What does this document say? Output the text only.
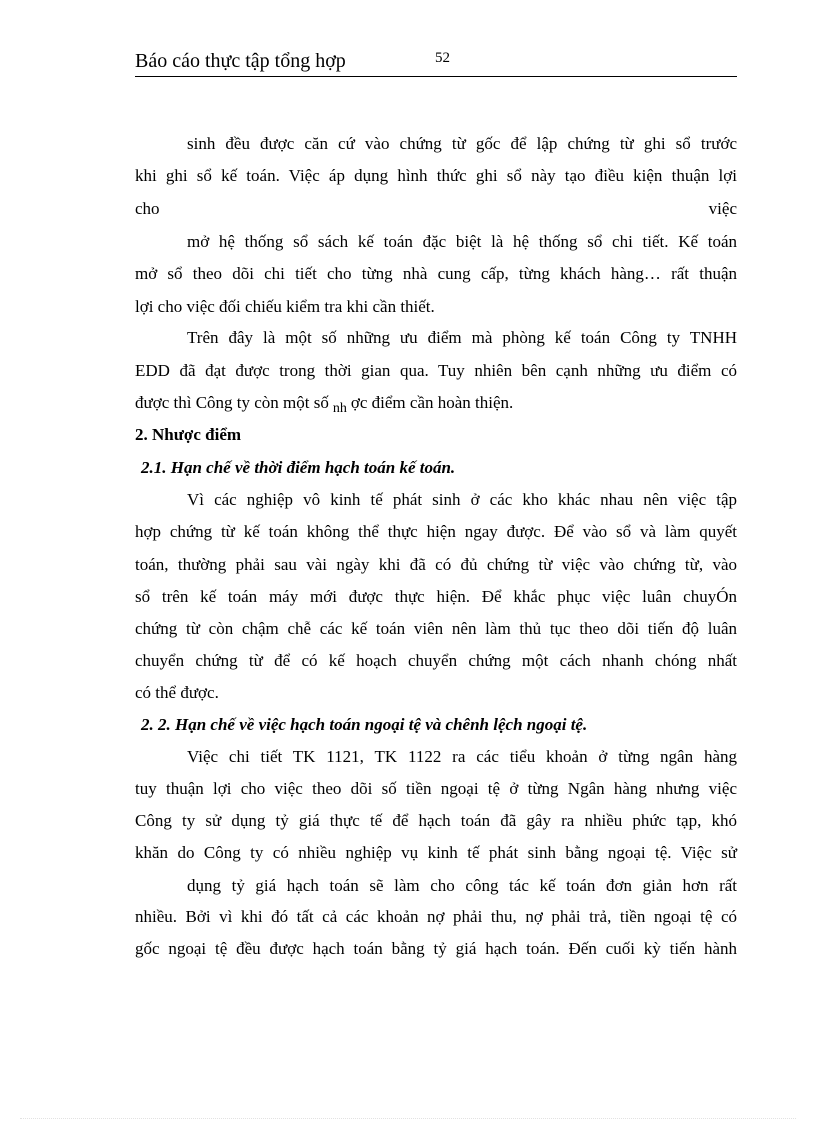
Báo cáo thực tập tổng hợp	52
sinh đều được căn cứ vào chứng từ gốc để lập chứng từ ghi sổ trước
khi ghi sổ kế toán. Việc áp dụng hình thức ghi sổ này tạo điều kiện thuận lợi
cho	việc
mở hệ thống sổ sách kế toán đặc biệt là hệ thống sổ chi tiết. Kế toán
mở sổ theo dõi chi tiết cho từng nhà cung cấp, từng khách hàng… rất thuận
lợi cho việc đối chiếu kiểm tra khi cần thiết.
Trên đây là một số những ưu điểm mà phòng kế toán Công ty TNHH
EDD đã đạt được trong thời gian qua. Tuy nhiên bên cạnh những ưu điểm có
được thì Công ty còn một số $_{nh}$ ợc điểm cần hoàn thiện.
2. Nhược điểm
2.1. Hạn chế về thời điểm hạch toán kế toán.
Vì các nghiệp vô kinh tế phát sinh ở các kho khác nhau nên việc tập
hợp chứng từ kế toán không thể thực hiện ngay được. Để vào sổ và làm quyết
toán, thường phải sau vài ngày khi đã có đủ chứng từ việc vào chứng từ, vào
sổ trên kế toán máy mới được thực hiện. Để khắc phục việc luân chuyÓn
chứng từ còn chậm chễ các kế toán viên nên làm thủ tục theo dõi tiến độ luân
chuyển chứng từ để có kế hoạch chuyển chứng một cách nhanh chóng nhất
có thể được.
2. 2. Hạn chế về việc hạch toán ngoại tệ và chênh lệch ngoại tệ.
Việc chi tiết TK 1121, TK 1122 ra các tiểu khoản ở từng ngân hàng
tuy thuận lợi cho việc theo dõi số tiền ngoại tệ ở từng Ngân hàng nhưng việc
Công ty sử dụng tỷ giá thực tế để hạch toán đã gây ra nhiều phức tạp, khó
khăn do Công ty có nhiều nghiệp vụ kinh tế phát sinh bằng ngoại tệ. Việc sử
dụng tỷ giá hạch toán sẽ làm cho công tác kế toán đơn giản hơn rất
nhiều. Bởi vì khi đó tất cả các khoản nợ phải thu, nợ phải trả, tiền ngoại tệ có
gốc ngoại tệ đều được hạch toán bằng tỷ giá hạch toán. Đến cuối kỳ tiến hành
